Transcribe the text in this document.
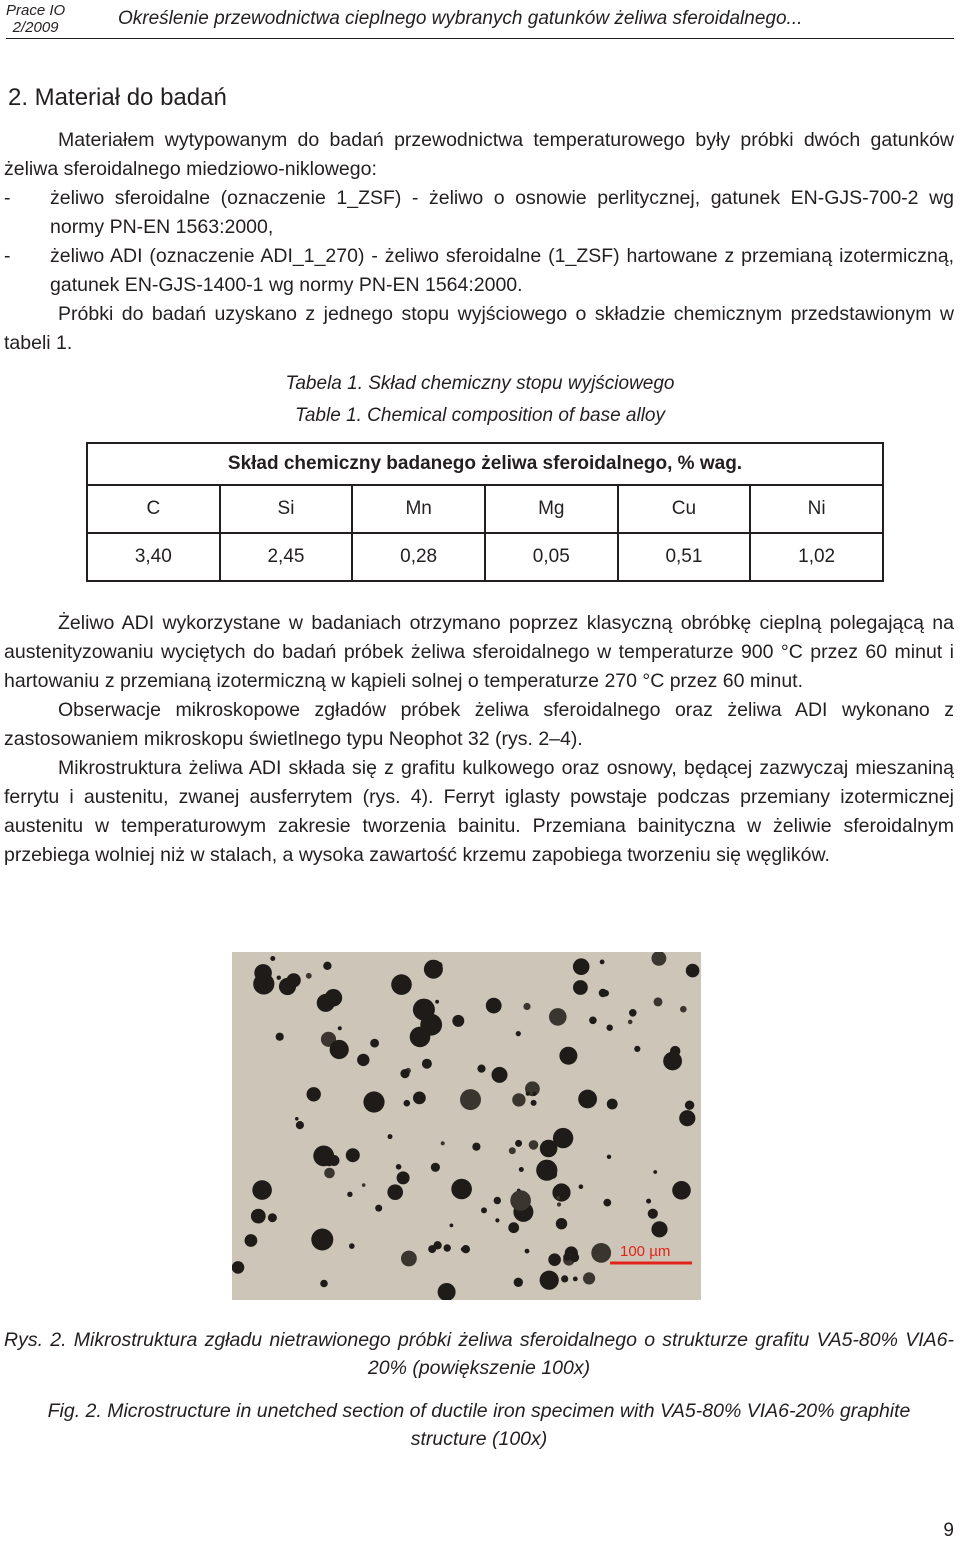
Prace IO
2/2009	Określenie przewodnictwa cieplnego wybranych gatunków żeliwa sferoidalnego...
2. Materiał do badań

Materiałem wytypowanym do badań przewodnictwa temperaturowego były próbki dwóch gatunków żeliwa sferoidalnego miedziowo-niklowego:

- żeliwo sferoidalne (oznaczenie 1_ZSF) - żeliwo o osnowie perlitycznej, gatunek EN-GJS-700-2 wg normy PN-EN 1563:2000,

- żeliwo ADI (oznaczenie ADI_1_270) - żeliwo sferoidalne (1_ZSF) hartowane z przemianą izotermiczną, gatunek EN-GJS-1400-1 wg normy PN-EN 1564:2000.

Próbki do badań uzyskano z jednego stopu wyjściowego o składzie chemicznym przedstawionym w tabeli 1.

Tabela 1. Skład chemiczny stopu wyjściowego
Table 1. Chemical composition of base alloy
Skład chemiczny badanego żeliwa sferoidalnego, % wag.					
C	Si	Mn	Mg	Cu	Ni
3,40	2,45	0,28	0,05	0,51	1,02

Żeliwo ADI wykorzystane w badaniach otrzymano poprzez klasyczną obróbkę cieplną polegającą na austenityzowaniu wyciętych do badań próbek żeliwa sferoidalnego w temperaturze 900 °C przez 60 minut i hartowaniu z przemianą izotermiczną w kąpieli solnej o temperaturze 270 °C przez 60 minut.

Obserwacje mikroskopowe zgładów próbek żeliwa sferoidalnego oraz żeliwa ADI wykonano z zastosowaniem mikroskopu świetlnego typu Neophot 32 (rys. 2–4).

Mikrostruktura żeliwa ADI składa się z grafitu kulkowego oraz osnowy, będącej zazwyczaj mieszaniną ferrytu i austenitu, zwanej ausferrytem (rys. 4). Ferryt iglasty powstaje podczas przemiany izotermicznej austenitu w temperaturowym zakresie tworzenia bainitu. Przemiana bainityczna w żeliwie sferoidalnym przebiega wolniej niż w stalach, a wysoka zawartość krzemu zapobiega tworzeniu się węglików.

100 µm

Rys. 2. Mikrostruktura zgładu nietrawionego próbki żeliwa sferoidalnego o strukturze grafitu VA5-80% VIA6-20% (powiększenie 100x)

Fig. 2. Microstructure in unetched section of ductile iron specimen with VA5-80% VIA6-20% graphite structure (100x)

9
